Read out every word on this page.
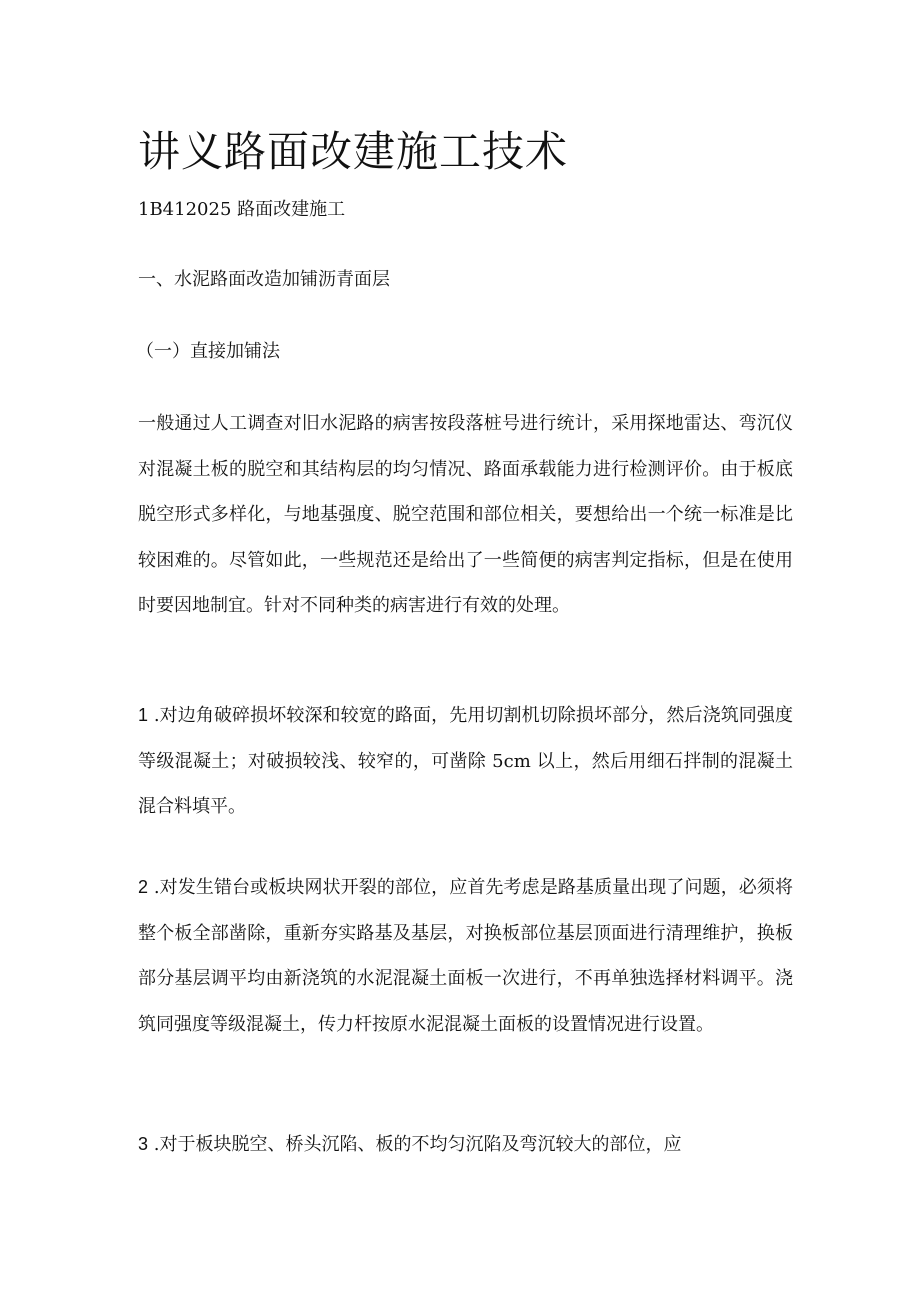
讲义路面改建施工技术

1B412025 路面改建施工

一、水泥路面改造加铺沥青面层

（一）直接加铺法

一般通过人工调查对旧水泥路的病害按段落桩号进行统计，采用探地雷达、弯沉仪对混凝土板的脱空和其结构层的均匀情况、路面承载能力进行检测评价。由于板底脱空形式多样化，与地基强度、脱空范围和部位相关，要想给出一个统一标准是比较困难的。尽管如此，一些规范还是给出了一些简便的病害判定指标，但是在使用时要因地制宜。针对不同种类的病害进行有效的处理。

1 .对边角破碎损坏较深和较宽的路面，先用切割机切除损坏部分，然后浇筑同强度等级混凝土；对破损较浅、较窄的，可凿除 5cm 以上，然后用细石拌制的混凝土混合料填平。

2 .对发生错台或板块网状开裂的部位，应首先考虑是路基质量出现了问题，必须将整个板全部凿除，重新夯实路基及基层，对换板部位基层顶面进行清理维护，换板部分基层调平均由新浇筑的水泥混凝土面板一次进行，不再单独选择材料调平。浇筑同强度等级混凝土，传力杆按原水泥混凝土面板的设置情况进行设置。

3 .对于板块脱空、桥头沉陷、板的不均匀沉陷及弯沉较大的部位，应
